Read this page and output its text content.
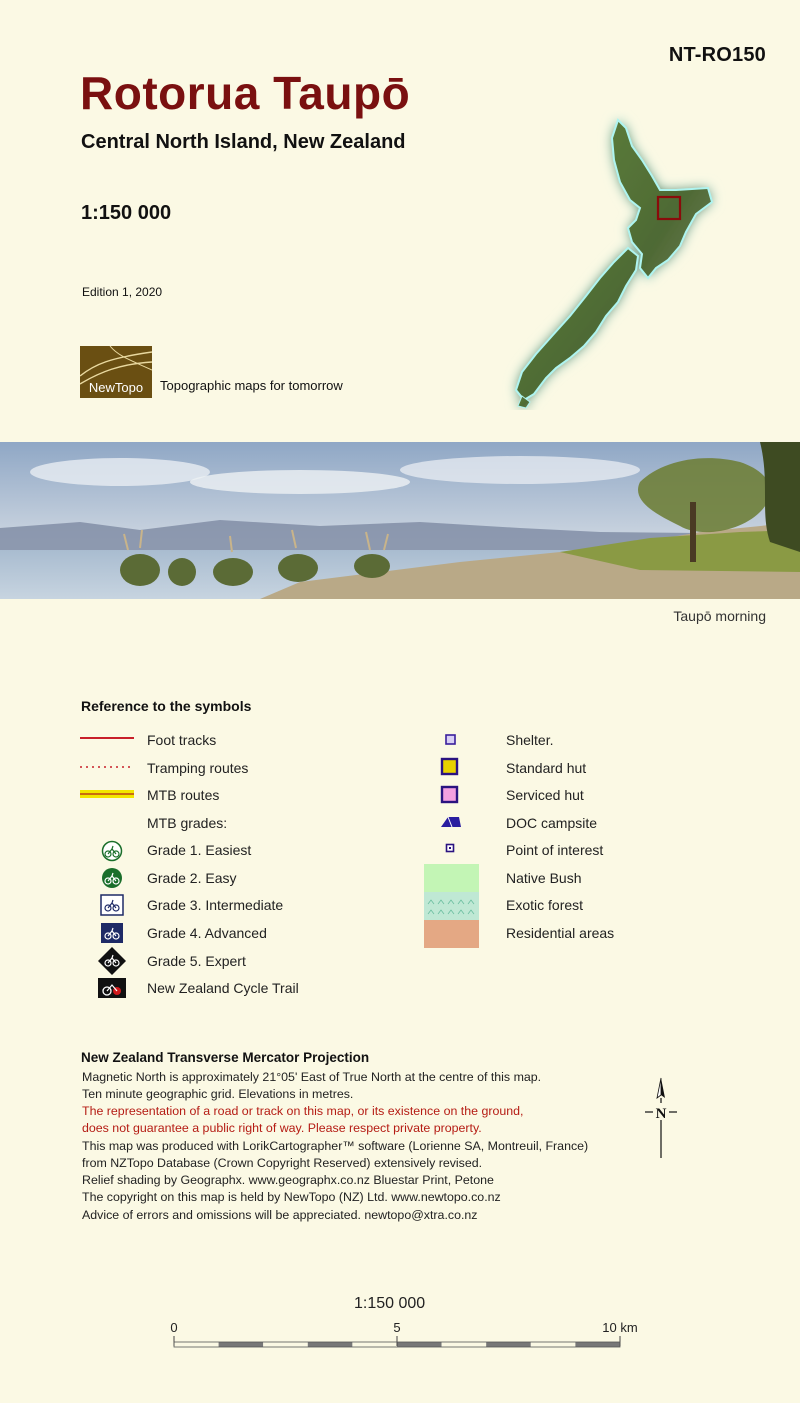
NT-RO150
Rotorua Taupō
Central North Island, New Zealand
1:150 000
Edition 1, 2020
NewTopo Topographic maps for tomorrow
Taupō morning
Reference to the symbols
Foot tracks
Tramping routes
MTB routes
MTB grades:
Grade 1. Easiest
Grade 2. Easy
Grade 3. Intermediate
Grade 4. Advanced
Grade 5. Expert
New Zealand Cycle Trail
Shelter.
Standard hut
Serviced hut
DOC campsite
Point of interest
Native Bush
Exotic forest
Residential areas
New Zealand Transverse Mercator Projection
Magnetic North is approximately 21°05' East of True North at the centre of this map.
Ten minute geographic grid. Elevations in metres.
The representation of a road or track on this map, or its existence on the ground,
does not guarantee a public right of way. Please respect private property.
This map was produced with LorikCartographer™ software (Lorienne SA, Montreuil, France)
from NZTopo Database (Crown Copyright Reserved) extensively revised.
Relief shading by Geographx. www.geographx.co.nz Bluestar Print, Petone
The copyright on this map is held by NewTopo (NZ) Ltd. www.newtopo.co.nz
Advice of errors and omissions will be appreciated. newtopo@xtra.co.nz
N
1:150 000
0	5	10 km
